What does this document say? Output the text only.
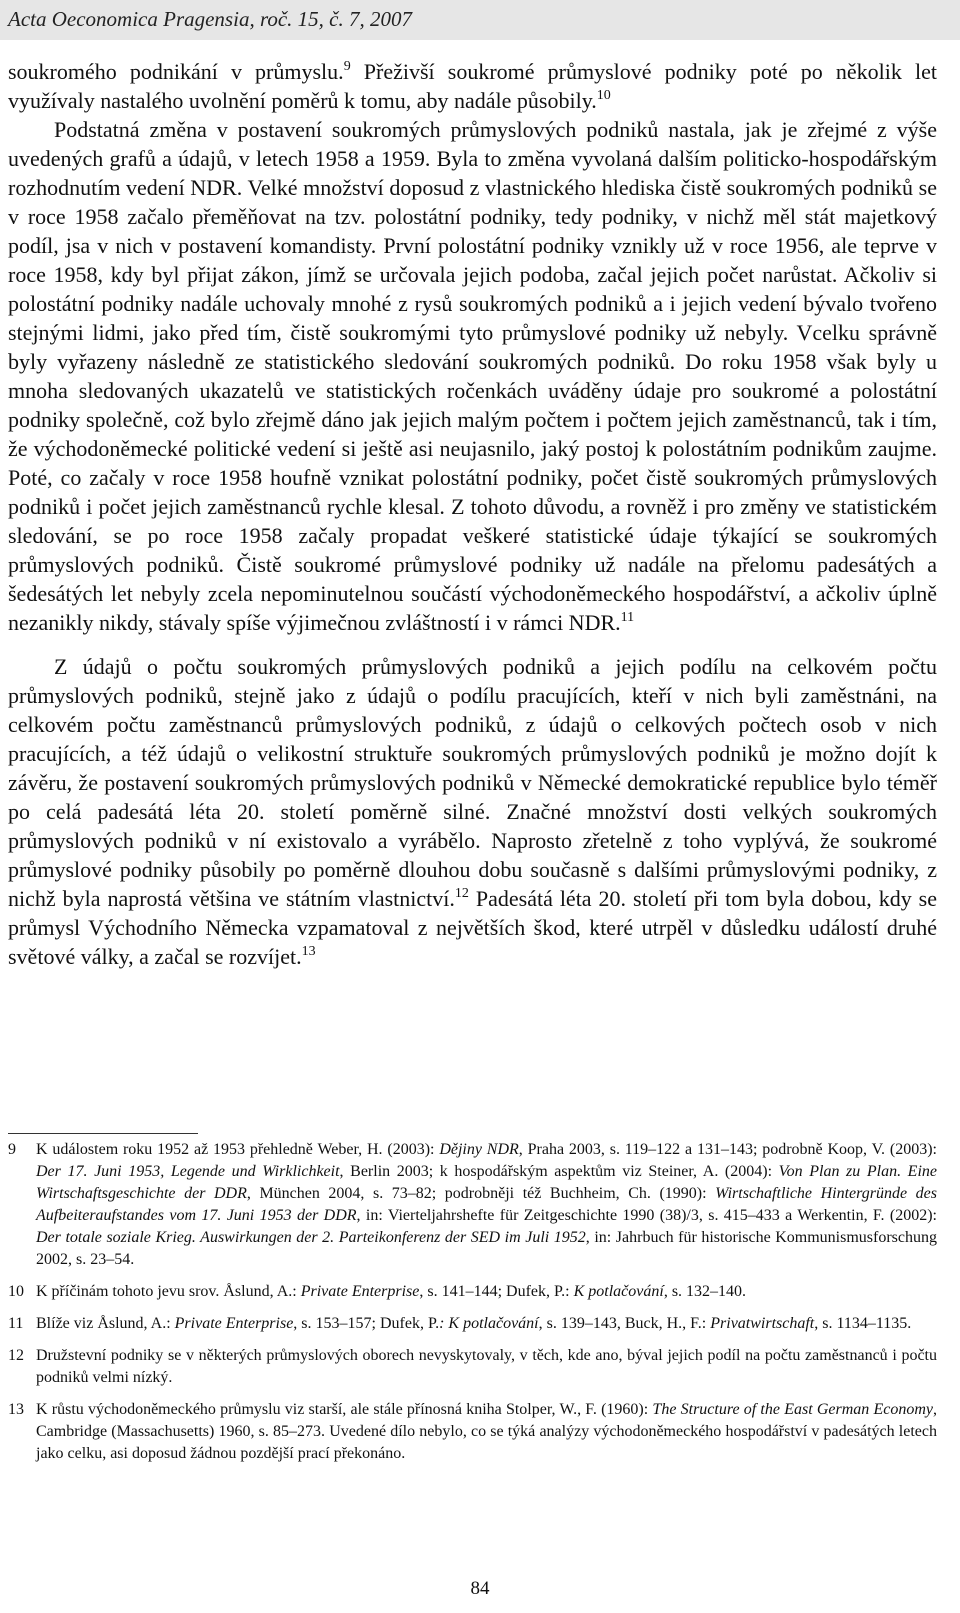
Acta Oeconomica Pragensia, roč. 15, č. 7, 2007

soukromého podnikání v průmyslu.$^9$ Přeživší soukromé průmyslové podniky poté po několik let využívaly nastalého uvolnění poměrů k tomu, aby nadále působily.$^{10}$

Podstatná změna v postavení soukromých průmyslových podniků nastala, jak je zřejmé z výše uvedených grafů a údajů, v letech 1958 a 1959. Byla to změna vyvolaná dalším politicko-hospodářským rozhodnutím vedení NDR. Velké množství doposud z vlastnického hlediska čistě soukromých podniků se v roce 1958 začalo přeměňovat na tzv. polostátní podniky, tedy podniky, v nichž měl stát majetkový podíl, jsa v nich v postavení komandisty. První polostátní podniky vznikly už v roce 1956, ale teprve v roce 1958, kdy byl přijat zákon, jímž se určovala jejich podoba, začal jejich počet narůstat. Ačkoliv si polostátní podniky nadále uchovaly mnohé z rysů soukromých podniků a i jejich vedení bývalo tvořeno stejnými lidmi, jako před tím, čistě soukromými tyto průmyslové podniky už nebyly. Vcelku správně byly vyřazeny následně ze statistického sledování soukromých podniků. Do roku 1958 však byly u mnoha sledovaných ukazatelů ve statistických ročenkách uváděny údaje pro soukromé a polostátní podniky společně, což bylo zřejmě dáno jak jejich malým počtem i počtem jejich zaměstnanců, tak i tím, že východoněmecké politické vedení si ještě asi neujasnilo, jaký postoj k polostátním podnikům zaujme. Poté, co začaly v roce 1958 houfně vznikat polostátní podniky, počet čistě soukromých průmyslových podniků i počet jejich zaměstnanců rychle klesal. Z tohoto důvodu, a rovněž i pro změny ve statistickém sledování, se po roce 1958 začaly propadat veškeré statistické údaje týkající se soukromých průmyslových podniků. Čistě soukromé průmyslové podniky už nadále na přelomu padesátých a šedesátých let nebyly zcela nepominutelnou součástí východoněmeckého hospodářství, a ačkoliv úplně nezanikly nikdy, stávaly spíše výjimečnou zvláštností i v rámci NDR.$^{11}$

Z údajů o počtu soukromých průmyslových podniků a jejich podílu na celkovém počtu průmyslových podniků, stejně jako z údajů o podílu pracujících, kteří v nich byli zaměstnáni, na celkovém počtu zaměstnanců průmyslových podniků, z údajů o celkových počtech osob v nich pracujících, a též údajů o velikostní struktuře soukromých průmyslových podniků je možno dojít k závěru, že postavení soukromých průmyslových podniků v Německé demokratické republice bylo téměř po celá padesátá léta 20. století poměrně silné. Značné množství dosti velkých soukromých průmyslových podniků v ní existovalo a vyrábělo. Naprosto zřetelně z toho vyplývá, že soukromé průmyslové podniky působily po poměrně dlouhou dobu současně s dalšími průmyslovými podniky, z nichž byla naprostá většina ve státním vlastnictví.$^{12}$ Padesátá léta 20. století při tom byla dobou, kdy se průmysl Východního Německa vzpamatoval z největších škod, které utrpěl v důsledku událostí druhé světové války, a začal se rozvíjet.$^{13}$

9	K událostem roku 1952 až 1953 přehledně Weber, H. (2003): Dějiny NDR, Praha 2003, s. 119–122 a 131–143; podrobně Koop, V. (2003): Der 17. Juni 1953, Legende und Wirklichkeit, Berlin 2003; k hospodářským aspektům viz Steiner, A. (2004): Von Plan zu Plan. Eine Wirtschaftsgeschichte der DDR, München 2004, s. 73–82; podrobněji též Buchheim, Ch. (1990): Wirtschaftliche Hintergründe des Aufbeiteraufstandes vom 17. Juni 1953 der DDR, in: Vierteljahrshefte für Zeitgeschichte 1990 (38)/3, s. 415–433 a Werkentin, F. (2002): Der totale soziale Krieg. Auswirkungen der 2. Parteikonferenz der SED im Juli 1952, in: Jahrbuch für historische Kommunismusforschung 2002, s. 23–54.
10 K příčinám tohoto jevu srov. Åslund, A.: Private Enterprise, s. 141–144; Dufek, P.: K potlačování, s. 132–140.
11 Blíže viz Åslund, A.: Private Enterprise, s. 153–157; Dufek, P.: K potlačování, s. 139–143, Buck, H., F.: Privatwirtschaft, s. 1134–1135.
12 Družstevní podniky se v některých průmyslových oborech nevyskytovaly, v těch, kde ano, býval jejich podíl na počtu zaměstnanců i počtu podniků velmi nízký.
13 K růstu východoněmeckého průmyslu viz starší, ale stále přínosná kniha Stolper, W., F. (1960): The Structure of the East German Economy, Cambridge (Massachusetts) 1960, s. 85–273. Uvedené dílo nebylo, co se týká analýzy východoněmeckého hospodářství v padesátých letech jako celku, asi doposud žádnou pozdější prací překonáno.
84
